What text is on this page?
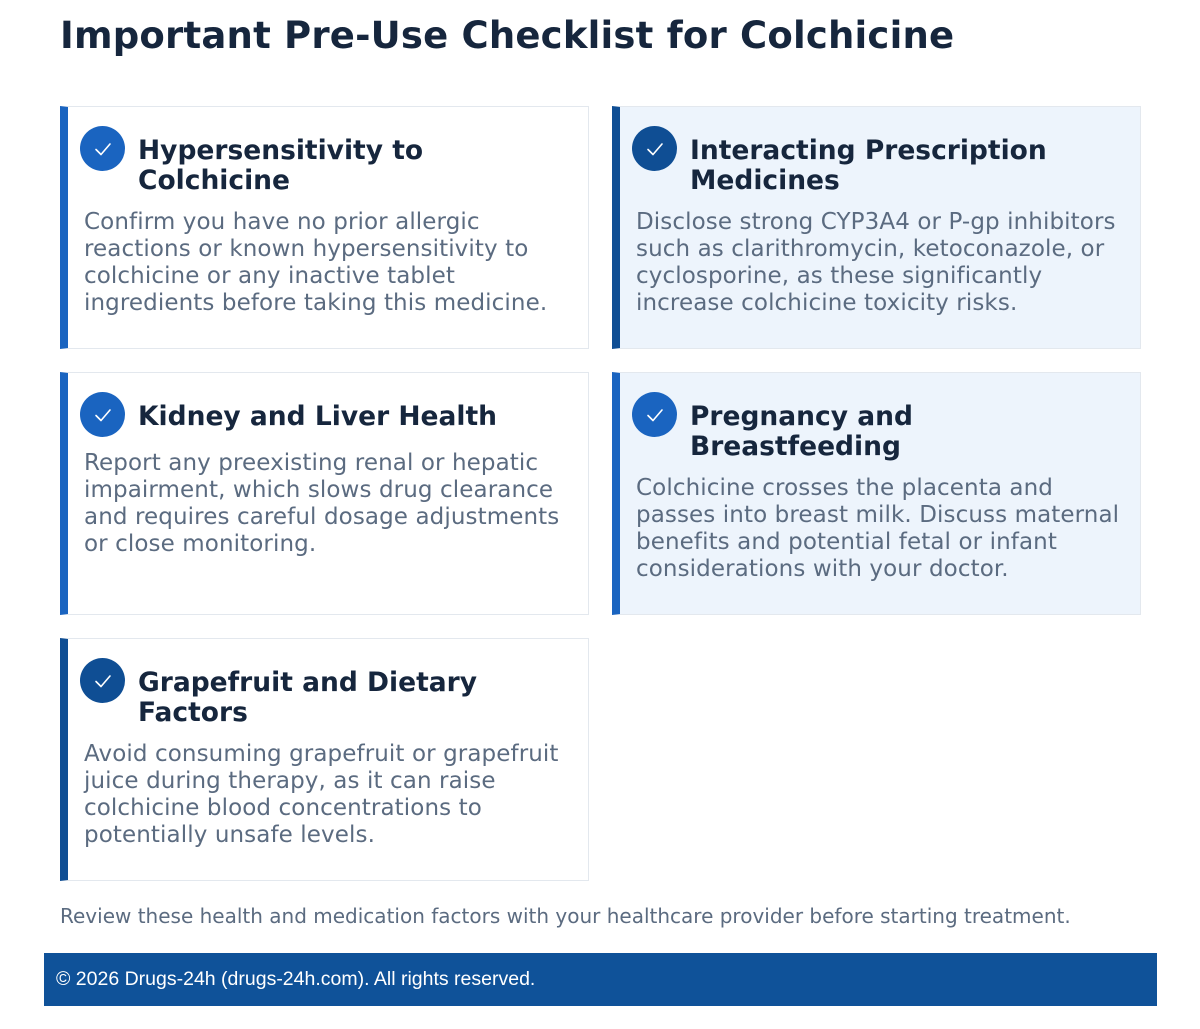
Important Pre-Use Checklist for Colchicine
Hypersensitivity to Colchicine

Confirm you have no prior allergic reactions or known hypersensitivity to colchicine or any inactive tablet ingredients before taking this medicine.

Interacting Prescription Medicines

Disclose strong CYP3A4 or P-gp inhibitors such as clarithromycin, ketoconazole, or cyclosporine, as these significantly increase colchicine toxicity risks.

Kidney and Liver Health

Report any preexisting renal or hepatic impairment, which slows drug clearance and requires careful dosage adjustments or close monitoring.

Pregnancy and Breastfeeding

Colchicine crosses the placenta and passes into breast milk. Discuss maternal benefits and potential fetal or infant considerations with your doctor.

Grapefruit and Dietary Factors

Avoid consuming grapefruit or grapefruit juice during therapy, as it can raise colchicine blood concentrations to potentially unsafe levels.

Review these health and medication factors with your healthcare provider before starting treatment.

© 2026 Drugs-24h (drugs-24h.com). All rights reserved.
